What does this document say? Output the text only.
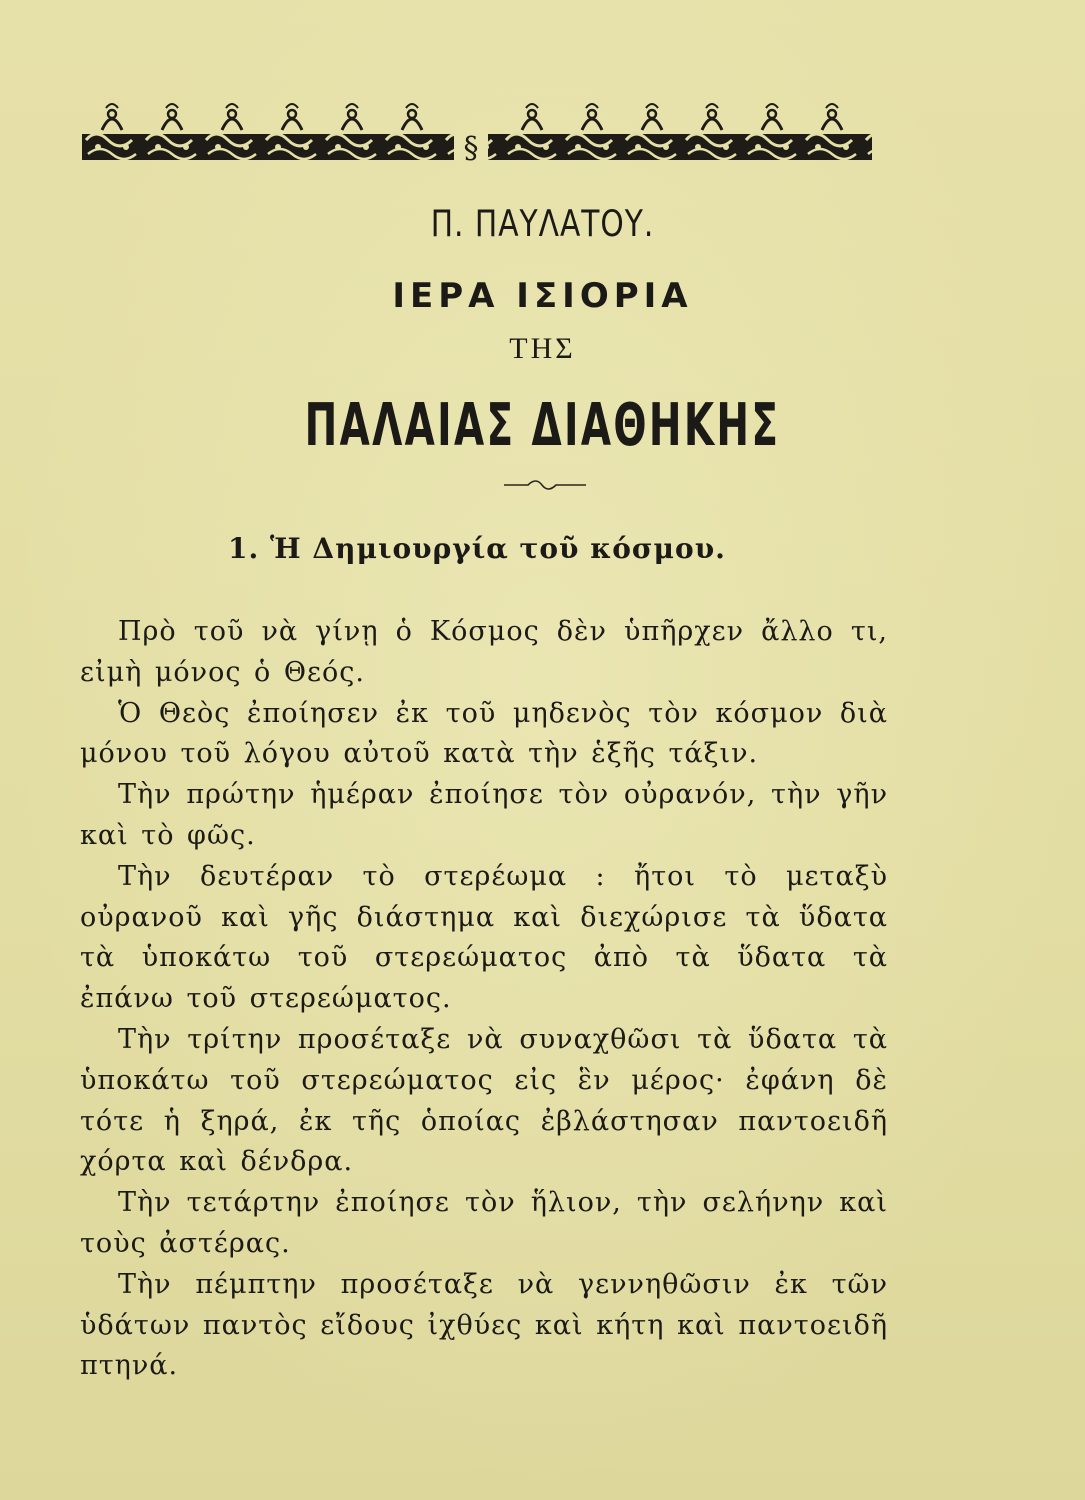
§
Π. ΠΑΥΛΑΤΟΥ.
ΙΕΡΑ ΙΣΙΟΡΙΑ
ΤΗΣ
ΠΑΛΑΙΑΣ ΔΙΑΘΗΚΗΣ
1. Ἡ Δημιουργία τοῦ κόσμου.

Πρὸ τοῦ νὰ γίνῃ ὁ Κόσμος δὲν ὑπῆρχεν ἄλλο τι, εἰμὴ μόνος ὁ Θεός.

Ὁ Θεὸς ἐποίησεν ἐκ τοῦ μηδενὸς τὸν κόσμον διὰ μόνου τοῦ λόγου αὐτοῦ κατὰ τὴν ἑξῆς τάξιν.

Τὴν πρώτην ἡμέραν ἐποίησε τὸν οὐρανόν, τὴν γῆν καὶ τὸ φῶς.

Τὴν δευτέραν τὸ στερέωμα : ἤτοι τὸ μεταξὺ οὐρανοῦ καὶ γῆς διάστημα καὶ διεχώρισε τὰ ὕδατα τὰ ὑποκάτω τοῦ στερεώματος ἀπὸ τὰ ὕδατα τὰ ἐπάνω τοῦ στερεώματος.

Τὴν τρίτην προσέταξε νὰ συναχθῶσι τὰ ὕδατα τὰ ὑποκάτω τοῦ στερεώματος εἰς ἓν μέρος· ἐφάνη δὲ τότε ἡ ξηρά, ἐκ τῆς ὁποίας ἐβλάστησαν παντοειδῆ χόρτα καὶ δένδρα.

Τὴν τετάρτην ἐποίησε τὸν ἥλιον, τὴν σελήνην καὶ τοὺς ἀστέρας.

Τὴν πέμπτην προσέταξε νὰ γεννηθῶσιν ἐκ τῶν ὑδάτων παντὸς εἴδους ἰχθύες καὶ κήτη καὶ παντοειδῆ πτηνά.
